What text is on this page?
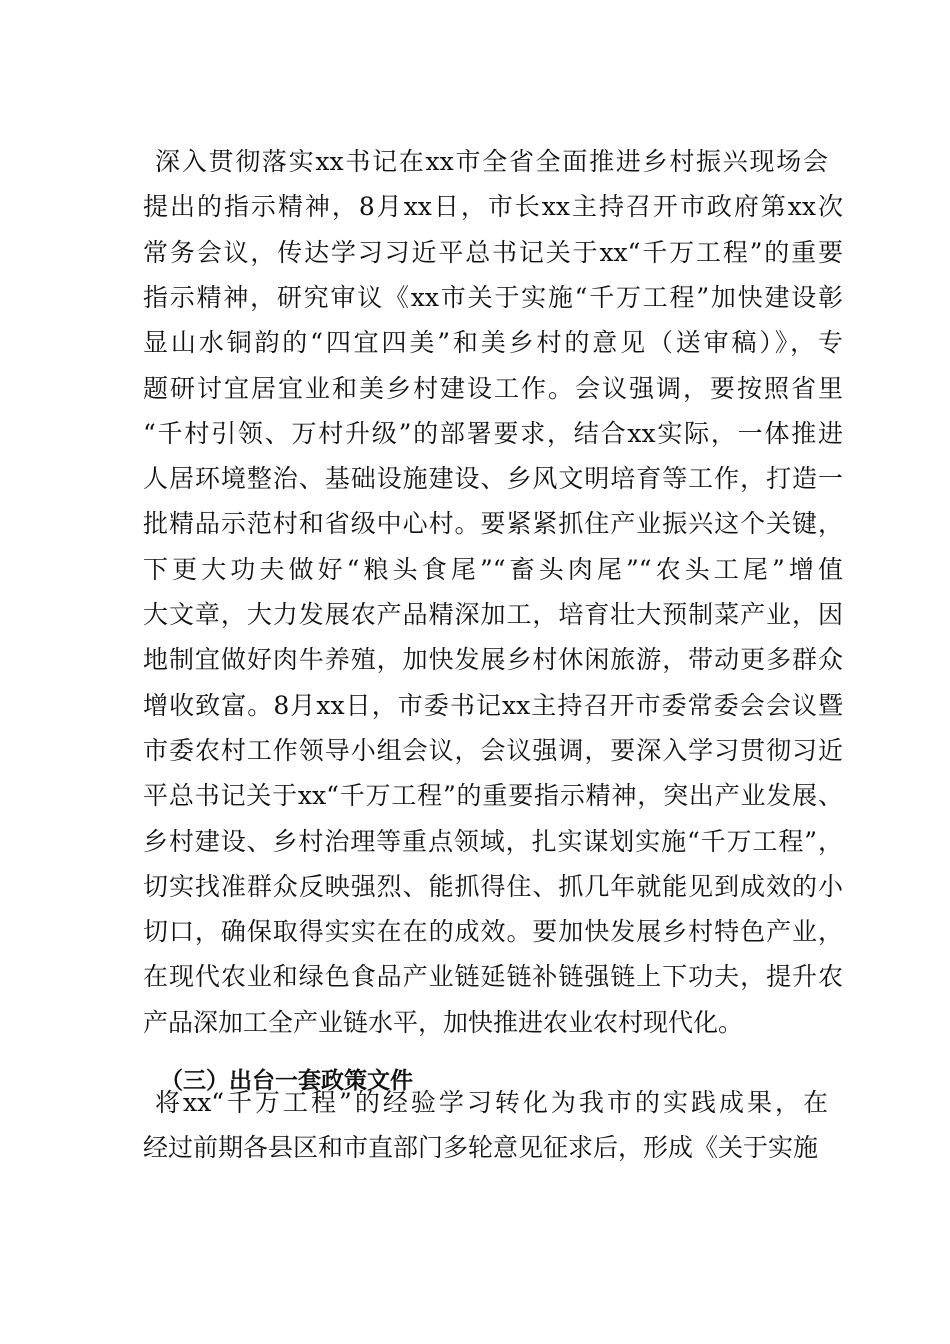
深入贯彻落实xx书记在xx市全省全面推进乡村振兴现场会
提出的指示精神，8月xx日，市长xx主持召开市政府第xx次
常务会议，传达学习习近平总书记关于xx“千万工程”的重要
指示精神，研究审议《xx市关于实施“千万工程”加快建设彰
显山水铜韵的“四宜四美”和美乡村的意见（送审稿）》，专
题研讨宜居宜业和美乡村建设工作。会议强调，要按照省里
“千村引领、万村升级”的部署要求，结合xx实际，一体推进
人居环境整治、基础设施建设、乡风文明培育等工作，打造一
批精品示范村和省级中心村。要紧紧抓住产业振兴这个关键，
下更大功夫做好“粮头食尾”“畜头肉尾”“农头工尾”增值
大文章，大力发展农产品精深加工，培育壮大预制菜产业，因
地制宜做好肉牛养殖，加快发展乡村休闲旅游，带动更多群众
增收致富。8月xx日，市委书记xx主持召开市委常委会会议暨
市委农村工作领导小组会议，会议强调，要深入学习贯彻习近
平总书记关于xx“千万工程”的重要指示精神，突出产业发展、
乡村建设、乡村治理等重点领域，扎实谋划实施“千万工程”，
切实找准群众反映强烈、能抓得住、抓几年就能见到成效的小
切口，确保取得实实在在的成效。要加快发展乡村特色产业，
在现代农业和绿色食品产业链延链补链强链上下功夫，提升农
产品深加工全产业链水平，加快推进农业农村现代化。
（三）出台一套政策文件
将xx“千万工程”的经验学习转化为我市的实践成果，在
经过前期各县区和市直部门多轮意见征求后，形成《关于实施
